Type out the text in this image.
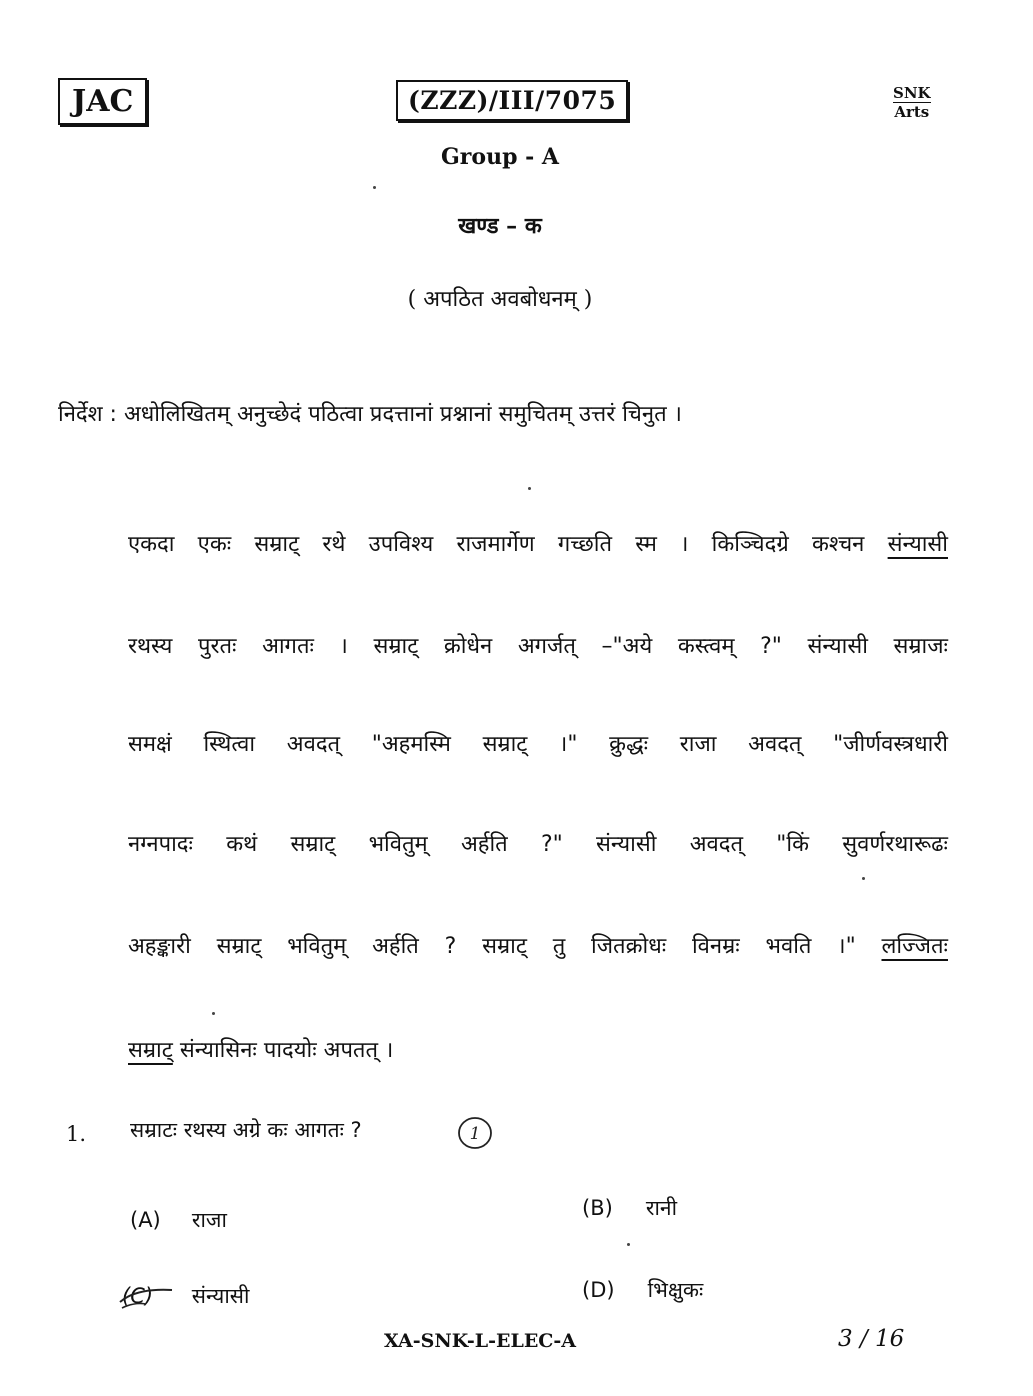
JAC	(ZZZ)/III/7075	SNK
Arts
Group - A
खण्ड – क
( अपठित अवबोधनम् )
निर्देश : अधोलिखितम् अनुच्छेदं पठित्वा प्रदत्तानां प्रश्नानां समुचितम् उत्तरं चिनुत ।
एकदा एकः सम्राट् रथे उपविश्य राजमार्गेण गच्छति स्म । किञ्चिदग्रे कश्चन संन्यासी
रथस्य पुरतः आगतः । सम्राट् क्रोधेन अगर्जत् –"अये कस्त्वम् ?" संन्यासी सम्राजः
समक्षं स्थित्वा अवदत् "अहमस्मि सम्राट् ।" क्रुद्धः राजा अवदत् "जीर्णवस्त्रधारी
नग्नपादः कथं सम्राट् भवितुम् अर्हति ?" संन्यासी अवदत् "किं सुवर्णरथारूढः
अहङ्कारी सम्राट् भवितुम् अर्हति ? सम्राट् तु जितक्रोधः विनम्रः भवति ।" लज्जितः
सम्राट् संन्यासिनः पादयोः अपतत् ।
1. सम्राटः रथस्य अग्रे कः आगतः ?	1
(A) राजा	(B) रानी
(C) संन्यासी	(D) भिक्षुकः
XA-SNK-L-ELEC-A	3 / 16
